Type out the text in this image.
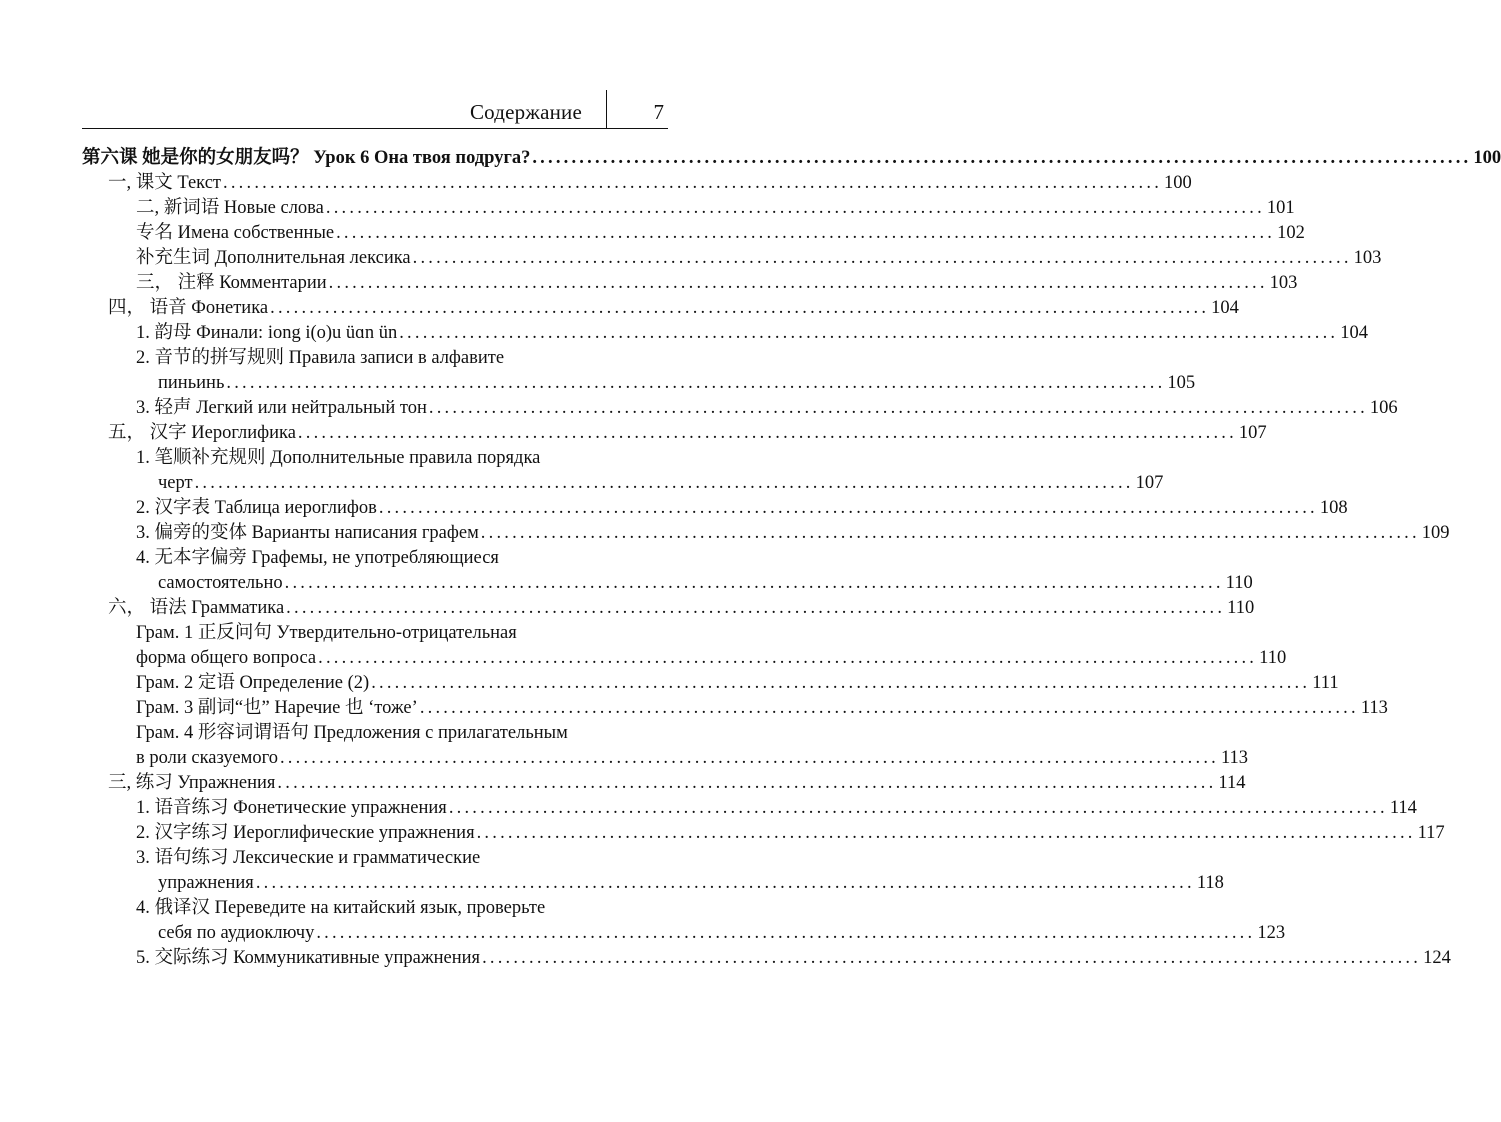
Содержание	7
第六课 她是你的女朋友吗？ Урок 6 Она твоя подруга? ........................................................................................................................ 100
一, 课文 Текст ........................................................................................................................ 100
二, 新词语 Новые слова ........................................................................................................................ 101
专名 Имена собственные ........................................................................................................................ 102
补充生词 Дополнительная лексика ........................................................................................................................ 103
三， 注释 Комментарии ........................................................................................................................ 103
四， 语音 Фонетика ........................................................................................................................ 104
1. 韵母 Финали: iong i(o)u üɑn ün ........................................................................................................................ 104
2. 音节的拼写规则 Правила записи в алфавите
пиньинь ........................................................................................................................ 105
3. 轻声 Легкий или нейтральный тон ........................................................................................................................ 106
五， 汉字 Иероглифика ........................................................................................................................ 107
1. 笔顺补充规则 Дополнительные правила порядка
черт ........................................................................................................................ 107
2. 汉字表 Таблица иероглифов ........................................................................................................................ 108
3. 偏旁的变体 Варианты написания графем ........................................................................................................................ 109
4. 无本字偏旁 Графемы, не употребляющиеся
самостоятельно ........................................................................................................................ 110
六， 语法 Грамматика ........................................................................................................................ 110
Грам. 1 正反问句 Утвердительно-отрицательная
форма общего вопроса ........................................................................................................................ 110
Грам. 2 定语 Определение (2) ........................................................................................................................ 111
Грам. 3 副词“也” Наречие 也 ‘тоже’ ........................................................................................................................ 113
Грам. 4 形容词谓语句 Предложения с прилагательным
в роли сказуемого ........................................................................................................................ 113
三, 练习 Упражнения ........................................................................................................................ 114
1. 语音练习 Фонетические упражнения ........................................................................................................................ 114
2. 汉字练习 Иероглифические упражнения ........................................................................................................................ 117
3. 语句练习 Лексические и грамматические
упражнения ........................................................................................................................ 118
4. 俄译汉 Переведите на китайский язык, проверьте
себя по аудиоключу ........................................................................................................................ 123
5. 交际练习 Коммуникативные упражнения ........................................................................................................................ 124
